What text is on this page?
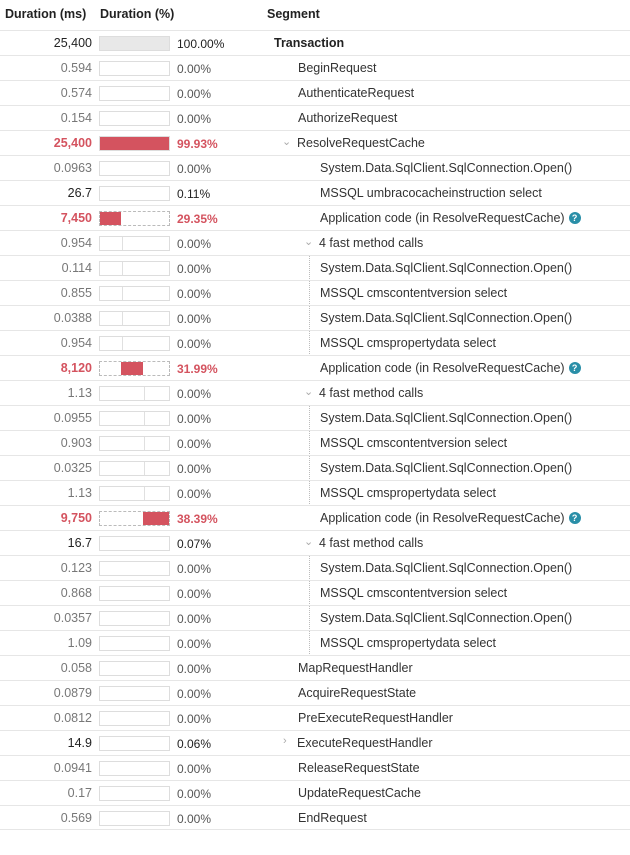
Duration (ms) Duration (%)	Segment
25,400	100.00%	Transaction
0.594	0.00%	BeginRequest
0.574	0.00%	AuthenticateRequest
0.154	0.00%	AuthorizeRequest
25,400	99.93%	⌄ ResolveRequestCache
0.0963	0.00%	System.Data.SqlClient.SqlConnection.Open()
26.7	0.11%	MSSQL umbracocacheinstruction select
7,450	29.35%	Application code (in ResolveRequestCache) ?
0.954	0.00%	⌄ 4 fast method calls
0.114	0.00%	System.Data.SqlClient.SqlConnection.Open()
0.855	0.00%	MSSQL cmscontentversion select
0.0388	0.00%	System.Data.SqlClient.SqlConnection.Open()
0.954	0.00%	MSSQL cmspropertydata select
8,120	31.99%	Application code (in ResolveRequestCache) ?
1.13	0.00%	⌄ 4 fast method calls
0.0955	0.00%	System.Data.SqlClient.SqlConnection.Open()
0.903	0.00%	MSSQL cmscontentversion select
0.0325	0.00%	System.Data.SqlClient.SqlConnection.Open()
1.13	0.00%	MSSQL cmspropertydata select
9,750	38.39%	Application code (in ResolveRequestCache) ?
16.7	0.07%	⌄ 4 fast method calls
0.123	0.00%	System.Data.SqlClient.SqlConnection.Open()
0.868	0.00%	MSSQL cmscontentversion select
0.0357	0.00%	System.Data.SqlClient.SqlConnection.Open()
1.09	0.00%	MSSQL cmspropertydata select
0.058	0.00%	MapRequestHandler
0.0879	0.00%	AcquireRequestState
0.0812	0.00%	PreExecuteRequestHandler
14.9	0.06%	› ExecuteRequestHandler
0.0941	0.00%	ReleaseRequestState
0.17	0.00%	UpdateRequestCache
0.569	0.00%	EndRequest
